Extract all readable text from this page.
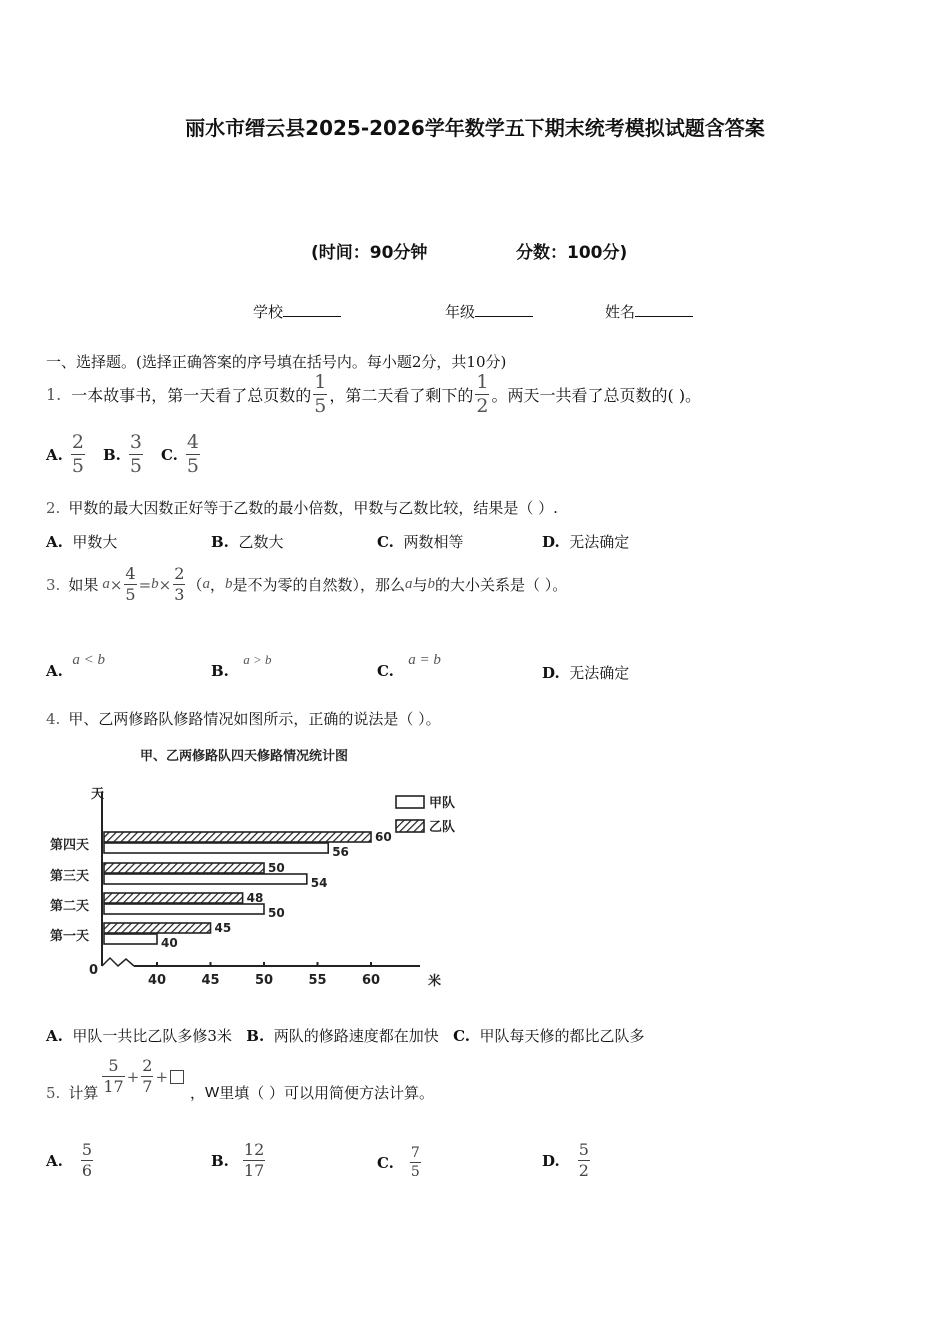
丽水市缙云县2025-2026学年数学五下期末统考模拟试题含答案
(时间：90分钟	分数：100分)
学校	年级	姓名
一、选择题。(选择正确答案的序号填在括号内。每小题2分，共10分)
1. 一本故事书，第一天看了总页数的 $\frac{1}{5}$ ，第二天看了剩下的 $\frac{1}{2}$ 。两天一共看了总页数的( )。
A. $\frac{2}{5} B$. $\frac{3}{5} C$. $\frac{4}{5}$
2. 甲数的最大因数正好等于乙数的最小倍数，甲数与乙数比较，结果是（ ）.
A. 甲数大	B. 乙数大	C. 两数相等	D. 无法确定
3. 如果 $a \times \frac{4}{5} = b \times \frac{2}{3}$ （ a ， b 是不为零的自然数），那么 a 与 b 的大小关系是（ ）。
A.  a < b
B.   a > b
C.   a = b
D. 无法确定
4. 甲、乙两修路队修路情况如图所示，正确的说法是（ ）。
甲、乙两修路队四天修路情况统计图
天
米
0
40	45	50	55	60
第一天
45
40
第二天
48
50
第三天
50
54
第四天
60
56
甲队
乙队
A. 甲队一共比乙队多修3米 B. 两队的修路速度都在加快 C. 甲队每天修的都比乙队多
5. 计算 $\frac{5}{17} + \frac{2}{7}$ +
， W 里填（ ）可以用简便方法计算。
A. $\frac{5}{6}$	B. $\frac{12}{17}$	C. $\frac{7}{5}$	D. $\frac{5}{2}$
